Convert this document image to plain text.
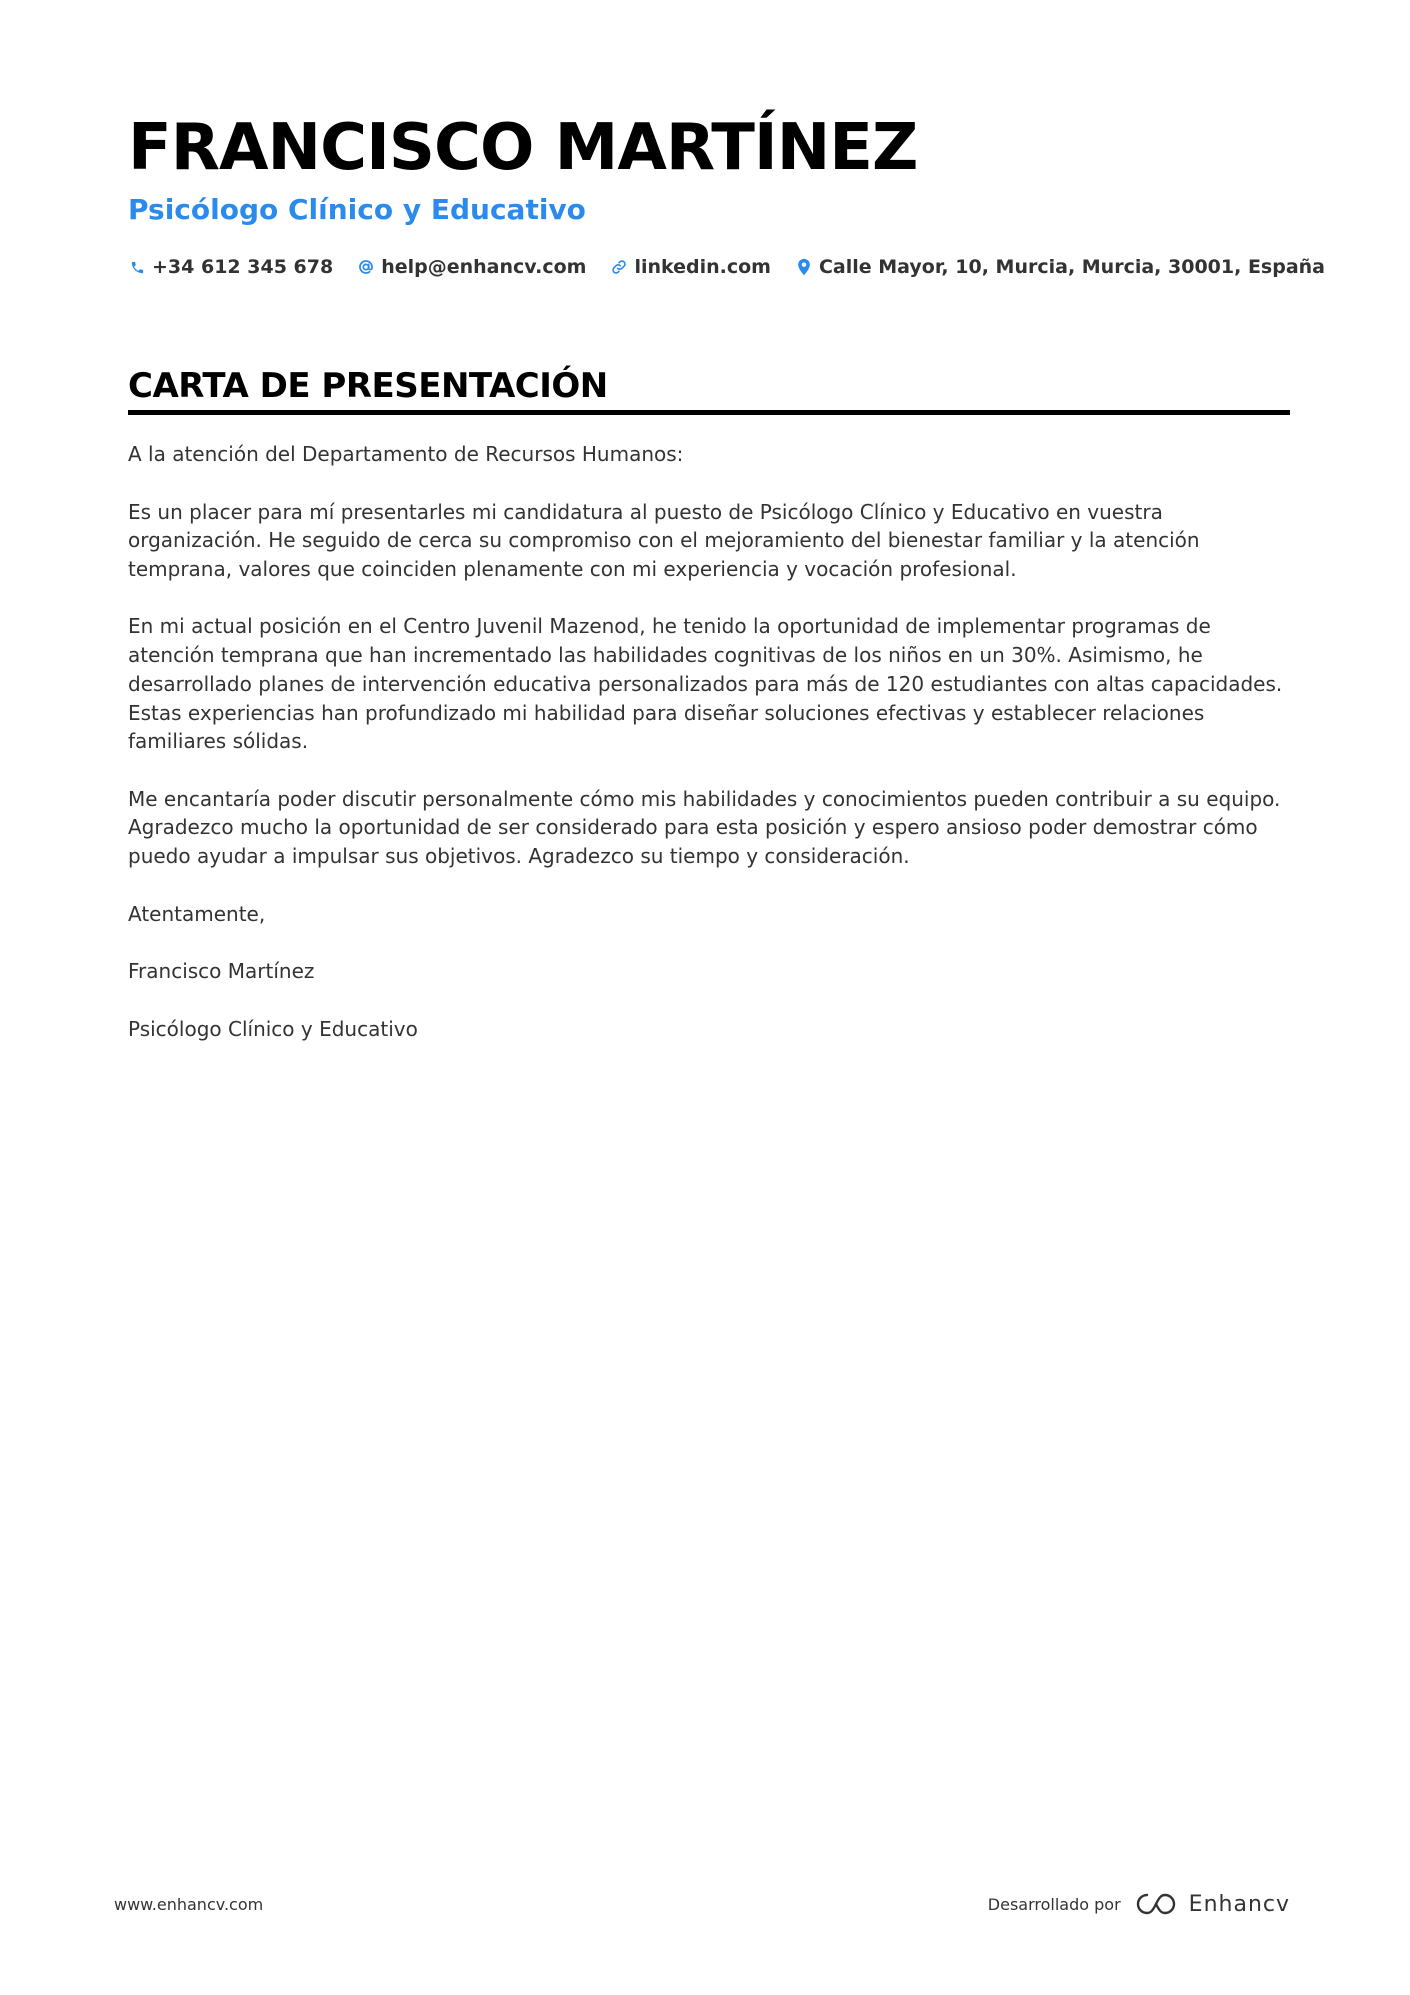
FRANCISCO MARTÍNEZ
Psicólogo Clínico y Educativo
+34 612 345 678	help@enhancv.com	linkedin.com	Calle Mayor, 10, Murcia, Murcia, 30001, España
CARTA DE PRESENTACIÓN

A la atención del Departamento de Recursos Humanos:

Es un placer para mí presentarles mi candidatura al puesto de Psicólogo Clínico y Educativo en vuestra organización. He seguido de cerca su compromiso con el mejoramiento del bienestar familiar y la atención temprana, valores que coinciden plenamente con mi experiencia y vocación profesional.

En mi actual posición en el Centro Juvenil Mazenod, he tenido la oportunidad de implementar programas de atención temprana que han incrementado las habilidades cognitivas de los niños en un 30%. Asimismo, he desarrollado planes de intervención educativa personalizados para más de 120 estudiantes con altas capacidades. Estas experiencias han profundizado mi habilidad para diseñar soluciones efectivas y establecer relaciones familiares sólidas.

Me encantaría poder discutir personalmente cómo mis habilidades y conocimientos pueden contribuir a su equipo. Agradezco mucho la oportunidad de ser considerado para esta posición y espero ansioso poder demostrar cómo puedo ayudar a impulsar sus objetivos. Agradezco su tiempo y consideración.

Atentamente,

Francisco Martínez

Psicólogo Clínico y Educativo

www.enhancv.com	Desarrollado por	Enhancv
